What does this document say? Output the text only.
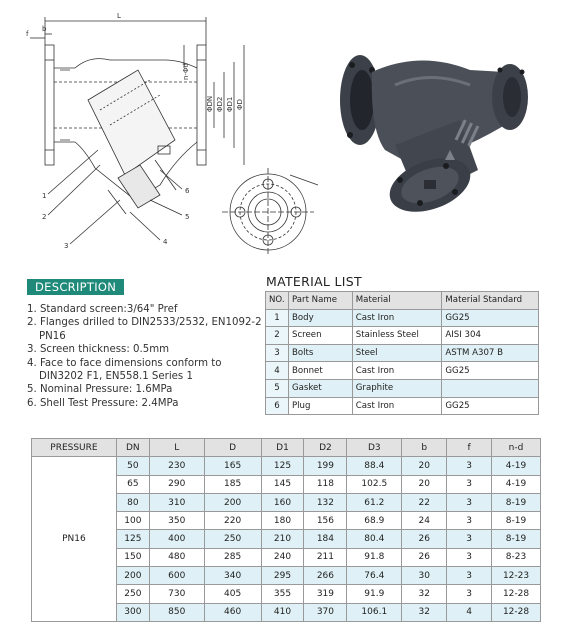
L
f
b
n-Φd
ΦDN ΦD2 ΦD1 ΦD
1
2
3	4
5
6
DESCRIPTION
1. Standard screen:3/64" Pref
2. Flanges drilled to DIN2533/2532, EN1092-2 PN16
3. Screen thickness: 0.5mm
4. Face to face dimensions conform to DIN3202 F1, EN558.1 Series 1
5. Nominal Pressure: 1.6MPa
6. Shell Test Pressure: 2.4MPa
MATERIAL LIST
NO.	Part Name	Material	Material Standard
1	Body	Cast Iron	GG25
2	Screen	Stainless Steel	AISI 304
3	Bolts	Steel	ASTM A307 B
4	Bonnet	Cast Iron	GG25
5	Gasket	Graphite	
6	Plug	Cast Iron	GG25
PRESSURE	DN	L	D	D1	D2	D3	b	f	n-d
PN16	50	230	165	125	199	88.4	20	3	4-19
	65	290	185	145	118	102.5	20	3	4-19
	80	310	200	160	132	61.2	22	3	8-19
	100	350	220	180	156	68.9	24	3	8-19
	125	400	250	210	184	80.4	26	3	8-19
	150	480	285	240	211	91.8	26	3	8-23
	200	600	340	295	266	76.4	30	3	12-23
	250	730	405	355	319	91.9	32	3	12-28
	300	850	460	410	370	106.1	32	4	12-28
